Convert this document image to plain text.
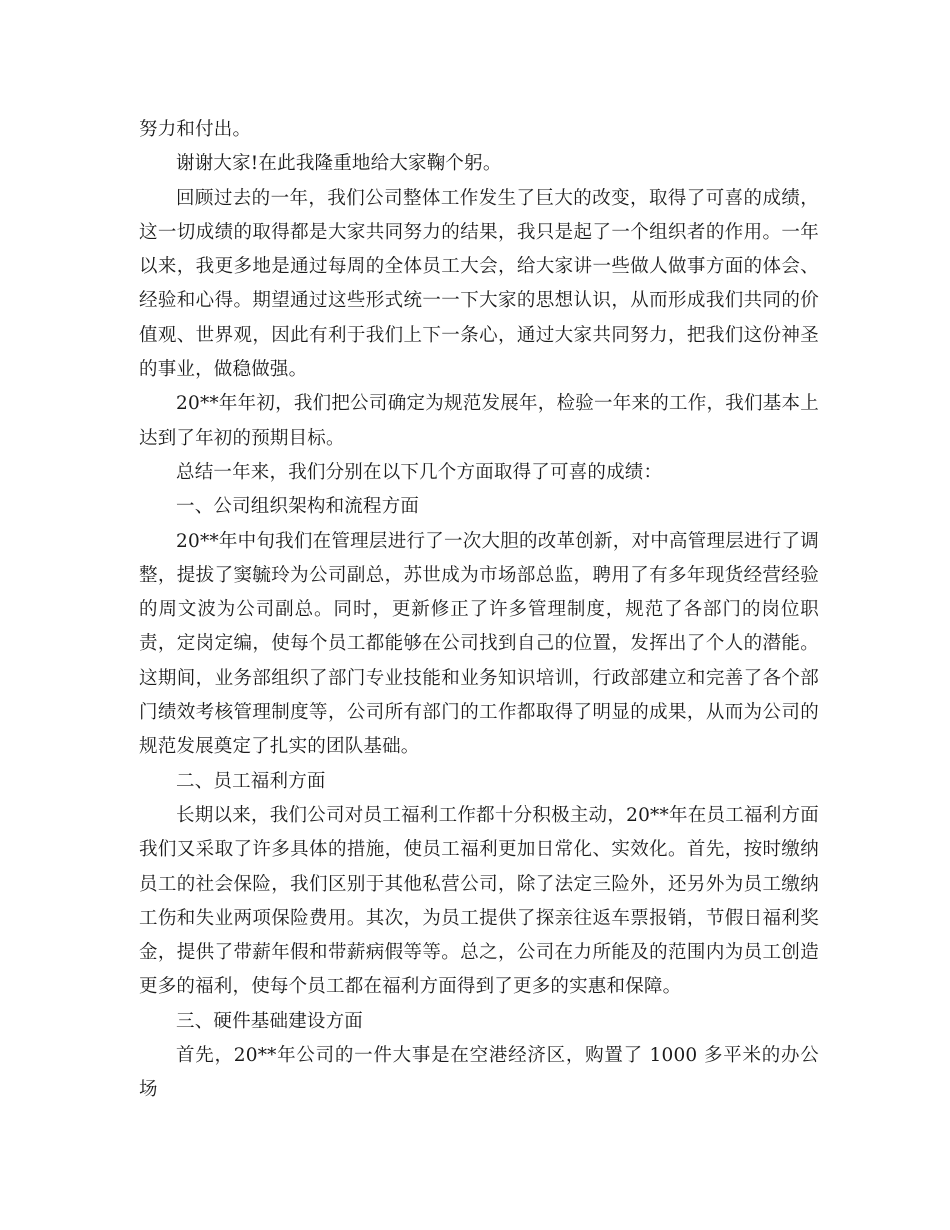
努力和付出。

谢谢大家!在此我隆重地给大家鞠个躬。

回顾过去的一年，我们公司整体工作发生了巨大的改变，取得了可喜的成绩，这一切成绩的取得都是大家共同努力的结果，我只是起了一个组织者的作用。一年以来，我更多地是通过每周的全体员工大会，给大家讲一些做人做事方面的体会、经验和心得。期望通过这些形式统一一下大家的思想认识，从而形成我们共同的价值观、世界观，因此有利于我们上下一条心，通过大家共同努力，把我们这份神圣的事业，做稳做强。

20**年年初，我们把公司确定为规范发展年，检验一年来的工作，我们基本上达到了年初的预期目标。

总结一年来，我们分别在以下几个方面取得了可喜的成绩：

一、公司组织架构和流程方面

20**年中旬我们在管理层进行了一次大胆的改革创新，对中高管理层进行了调整，提拔了窦毓玲为公司副总，苏世成为市场部总监，聘用了有多年现货经营经验的周文波为公司副总。同时，更新修正了许多管理制度，规范了各部门的岗位职责，定岗定编，使每个员工都能够在公司找到自己的位置，发挥出了个人的潜能。这期间，业务部组织了部门专业技能和业务知识培训，行政部建立和完善了各个部门绩效考核管理制度等，公司所有部门的工作都取得了明显的成果，从而为公司的规范发展奠定了扎实的团队基础。

二、员工福利方面

长期以来，我们公司对员工福利工作都十分积极主动，20**年在员工福利方面我们又采取了许多具体的措施，使员工福利更加日常化、实效化。首先，按时缴纳员工的社会保险，我们区别于其他私营公司，除了法定三险外，还另外为员工缴纳工伤和失业两项保险费用。其次，为员工提供了探亲往返车票报销，节假日福利奖金，提供了带薪年假和带薪病假等等。总之，公司在力所能及的范围内为员工创造更多的福利，使每个员工都在福利方面得到了更多的实惠和保障。

三、硬件基础建设方面

首先，20**年公司的一件大事是在空港经济区，购置了 1000 多平米的办公场
